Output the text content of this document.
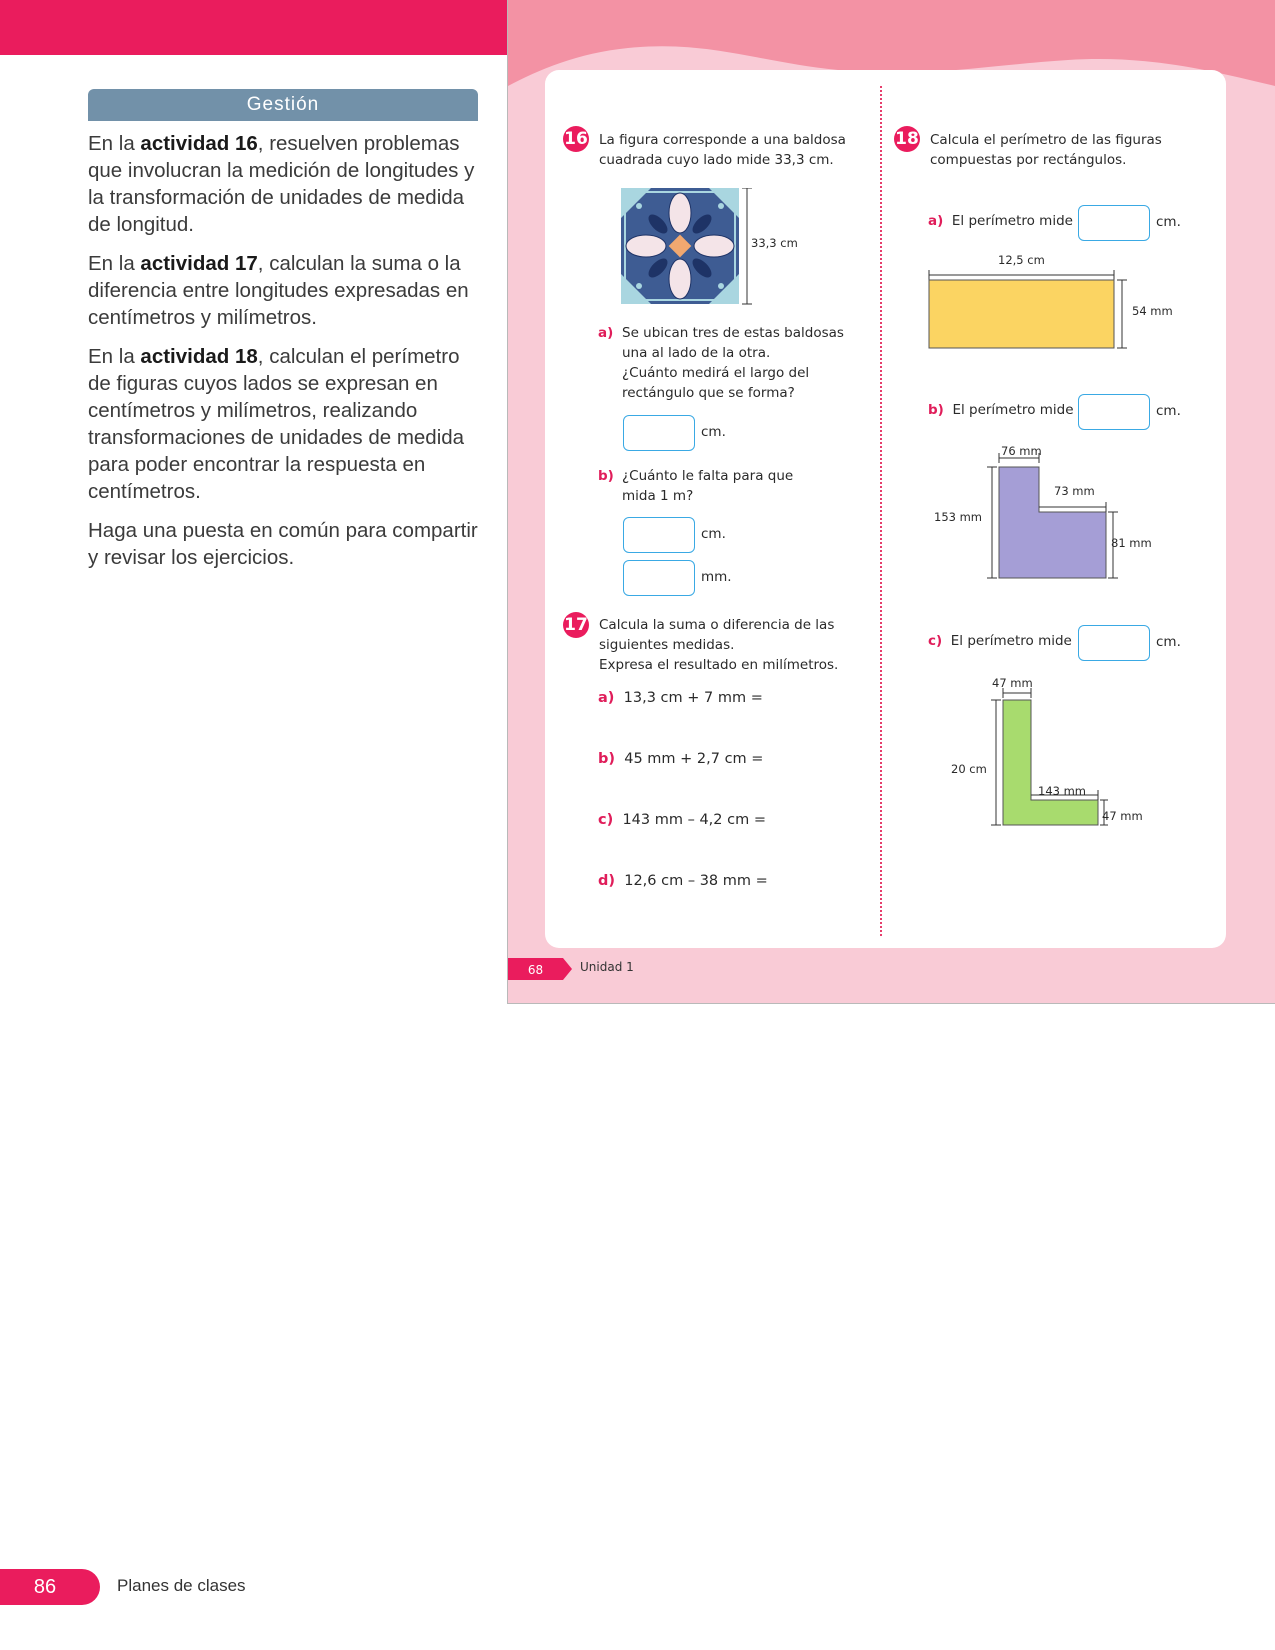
Gestión

En la actividad 16, resuelven problemas que involucran la medición de longitudes y la transformación de unidades de medida de longitud.

En la actividad 17, calculan la suma o la diferencia entre longitudes expresadas en centímetros y milímetros.

En la actividad 18, calculan el perímetro de figuras cuyos lados se expresan en centímetros y milímetros, realizando transformaciones de unidades de medida para poder encontrar la respuesta en centímetros.

Haga una puesta en común para compartir y revisar los ejercicios.

16 La figura corresponde a una baldosa
cuadrada cuyo lado mide 33,3 cm.
33,3 cm
a) Se ubican tres de estas baldosas
una al lado de la otra.
¿Cuánto medirá el largo del
rectángulo que se forma?
cm.
b) ¿Cuánto le falta para que
mida 1 m?
cm.
mm.
17 Calcula la suma o diferencia de las
siguientes medidas.
Expresa el resultado en milímetros.
a) 13,3 cm + 7 mm =
b) 45 mm + 2,7 cm =
c) 143 mm – 4,2 cm =
d) 12,6 cm – 38 mm =
18 Calcula el perímetro de las figuras
compuestas por rectángulos.
a) El perímetro mide	cm.
12,5 cm
54 mm
b) El perímetro mide	cm.
76 mm
73 mm
153 mm
81 mm
c) El perímetro mide	cm.
47 mm
20 cm
143 mm
47 mm
68	Unidad 1
86	Planes de clases
